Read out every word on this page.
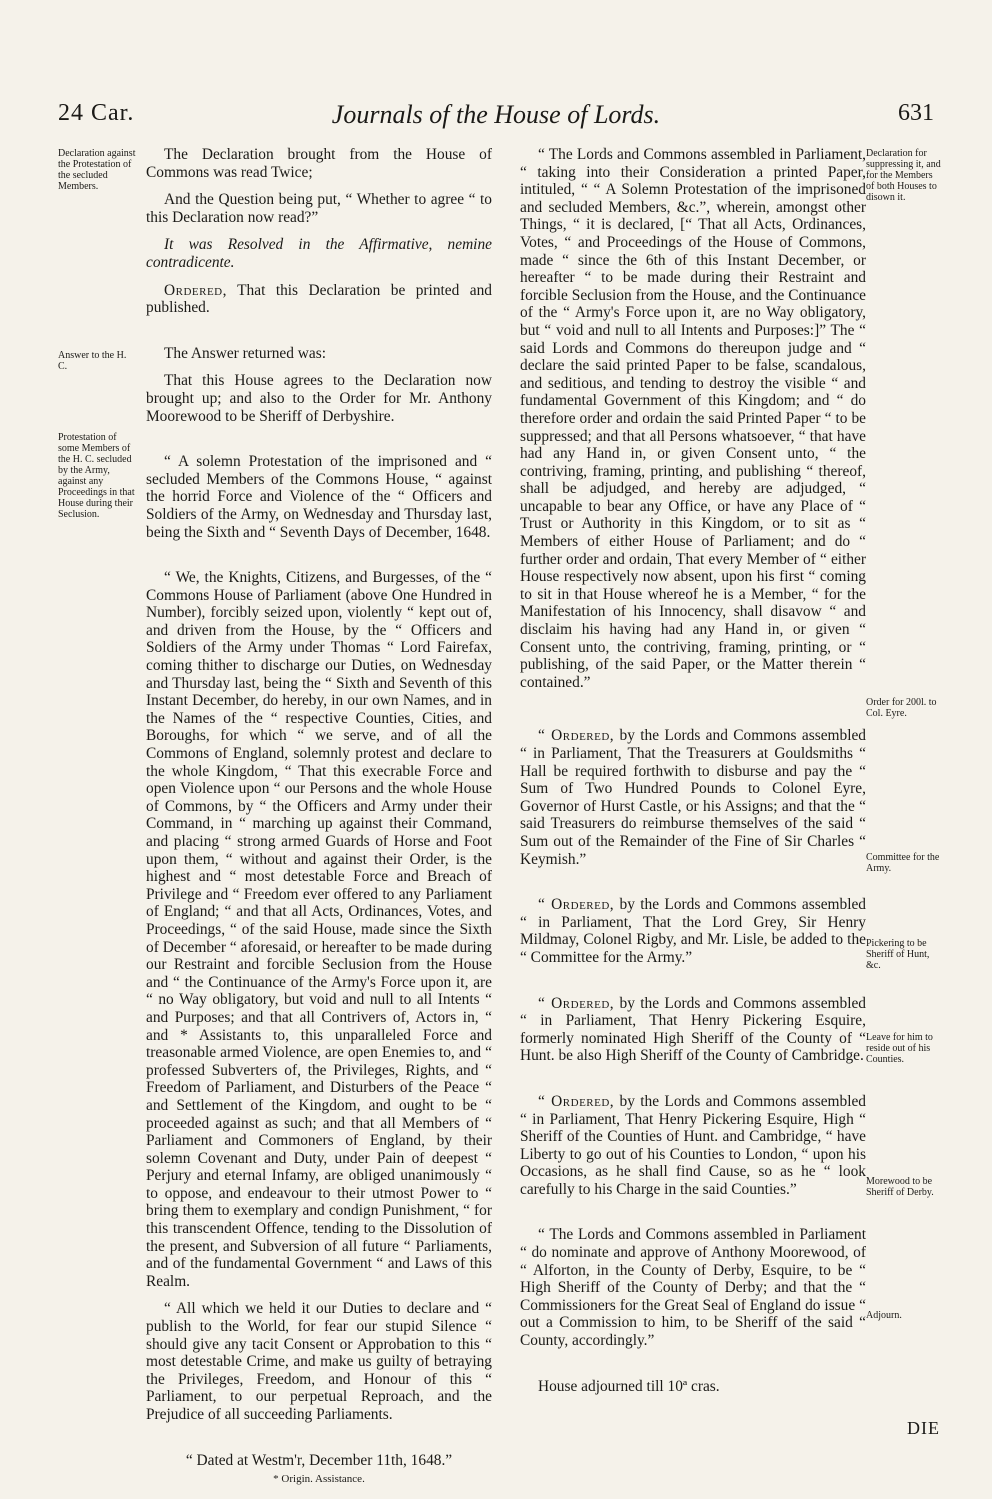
24 Car.	Journals of the House of Lords.	631
Declaration against the Protestation of the secluded Members.
Answer to the H. C.
Protestation of some Members of the H. C. secluded by the Army, against any Proceedings in that House during their Seclusion.

The Declaration brought from the House of Commons was read Twice;

And the Question being put, “ Whether to agree “ to this Declaration now read?”

It was Resolved in the Affirmative, nemine contradicente.

Ordered, That this Declaration be printed and published.

The Answer returned was:

That this House agrees to the Declaration now brought up; and also to the Order for Mr. Anthony Moorewood to be Sheriff of Derbyshire.

“ A solemn Protestation of the imprisoned and “ secluded Members of the Commons House, “ against the horrid Force and Violence of the “ Officers and Soldiers of the Army, on Wednesday and Thursday last, being the Sixth and “ Seventh Days of December, 1648.

“ We, the Knights, Citizens, and Burgesses, of the “ Commons House of Parliament (above One Hundred in Number), forcibly seized upon, violently “ kept out of, and driven from the House, by the “ Officers and Soldiers of the Army under Thomas “ Lord Fairefax, coming thither to discharge our Duties, on Wednesday and Thursday last, being the “ Sixth and Seventh of this Instant December, do hereby, in our own Names, and in the Names of the “ respective Counties, Cities, and Boroughs, for which “ we serve, and of all the Commons of England, solemnly protest and declare to the whole Kingdom, “ That this execrable Force and open Violence upon “ our Persons and the whole House of Commons, by “ the Officers and Army under their Command, in “ marching up against their Command, and placing “ strong armed Guards of Horse and Foot upon them, “ without and against their Order, is the highest and “ most detestable Force and Breach of Privilege and “ Freedom ever offered to any Parliament of England; “ and that all Acts, Ordinances, Votes, and Proceedings, “ of the said House, made since the Sixth of December “ aforesaid, or hereafter to be made during our Restraint and forcible Seclusion from the House and “ the Continuance of the Army's Force upon it, are “ no Way obligatory, but void and null to all Intents “ and Purposes; and that all Contrivers of, Actors in, “ and * Assistants to, this unparalleled Force and treasonable armed Violence, are open Enemies to, and “ professed Subverters of, the Privileges, Rights, and “ Freedom of Parliament, and Disturbers of the Peace “ and Settlement of the Kingdom, and ought to be “ proceeded against as such; and that all Members of “ Parliament and Commoners of England, by their solemn Covenant and Duty, under Pain of deepest “ Perjury and eternal Infamy, are obliged unanimously “ to oppose, and endeavour to their utmost Power to “ bring them to exemplary and condign Punishment, “ for this transcendent Offence, tending to the Dissolution of the present, and Subversion of all future “ Parliaments, and of the fundamental Government “ and Laws of this Realm.

“ All which we held it our Duties to declare and “ publish to the World, for fear our stupid Silence “ should give any tacit Consent or Approbation to this “ most detestable Crime, and make us guilty of betraying the Privileges, Freedom, and Honour of this “ Parliament, to our perpetual Reproach, and the Prejudice of all succeeding Parliaments.

“ Dated at Westm'r, December 11th, 1648.”

* Origin. Assistance.

“ The Lords and Commons assembled in Parliament, “ taking into their Consideration a printed Paper, intituled, “ “ A Solemn Protestation of the imprisoned and secluded Members, &c.”, wherein, amongst other Things, “ it is declared, [“ That all Acts, Ordinances, Votes, “ and Proceedings of the House of Commons, made “ since the 6th of this Instant December, or hereafter “ to be made during their Restraint and forcible Seclusion from the House, and the Continuance of the “ Army's Force upon it, are no Way obligatory, but “ void and null to all Intents and Purposes:]” The “ said Lords and Commons do thereupon judge and “ declare the said printed Paper to be false, scandalous, and seditious, and tending to destroy the visible “ and fundamental Government of this Kingdom; and “ do therefore order and ordain the said Printed Paper “ to be suppressed; and that all Persons whatsoever, “ that have had any Hand in, or given Consent unto, “ the contriving, framing, printing, and publishing “ thereof, shall be adjudged, and hereby are adjudged, “ uncapable to bear any Office, or have any Place of “ Trust or Authority in this Kingdom, or to sit as “ Members of either House of Parliament; and do “ further order and ordain, That every Member of “ either House respectively now absent, upon his first “ coming to sit in that House whereof he is a Member, “ for the Manifestation of his Innocency, shall disavow “ and disclaim his having had any Hand in, or given “ Consent unto, the contriving, framing, printing, or “ publishing, of the said Paper, or the Matter therein “ contained.”

“ Ordered, by the Lords and Commons assembled “ in Parliament, That the Treasurers at Gouldsmiths “ Hall be required forthwith to disburse and pay the “ Sum of Two Hundred Pounds to Colonel Eyre, Governor of Hurst Castle, or his Assigns; and that the “ said Treasurers do reimburse themselves of the said “ Sum out of the Remainder of the Fine of Sir Charles “ Keymish.”

“ Ordered, by the Lords and Commons assembled “ in Parliament, That the Lord Grey, Sir Henry Mildmay, Colonel Rigby, and Mr. Lisle, be added to the “ Committee for the Army.”

“ Ordered, by the Lords and Commons assembled “ in Parliament, That Henry Pickering Esquire, formerly nominated High Sheriff of the County of “ Hunt. be also High Sheriff of the County of Cambridge.

“ Ordered, by the Lords and Commons assembled “ in Parliament, That Henry Pickering Esquire, High “ Sheriff of the Counties of Hunt. and Cambridge, “ have Liberty to go out of his Counties to London, “ upon his Occasions, as he shall find Cause, so as he “ look carefully to his Charge in the said Counties.”

“ The Lords and Commons assembled in Parliament “ do nominate and approve of Anthony Moorewood, of “ Alforton, in the County of Derby, Esquire, to be “ High Sheriff of the County of Derby; and that the “ Commissioners for the Great Seal of England do issue “ out a Commission to him, to be Sheriff of the said “ County, accordingly.”

House adjourned till 10ª cras.

Declaration for suppressing it, and for the Members of both Houses to disown it.
Order for 200l. to Col. Eyre.
Committee for the Army.
Pickering to be Sheriff of Hunt, &c.
Leave for him to reside out of his Counties.
Morewood to be Sheriff of Derby.
Adjourn.
DIE
